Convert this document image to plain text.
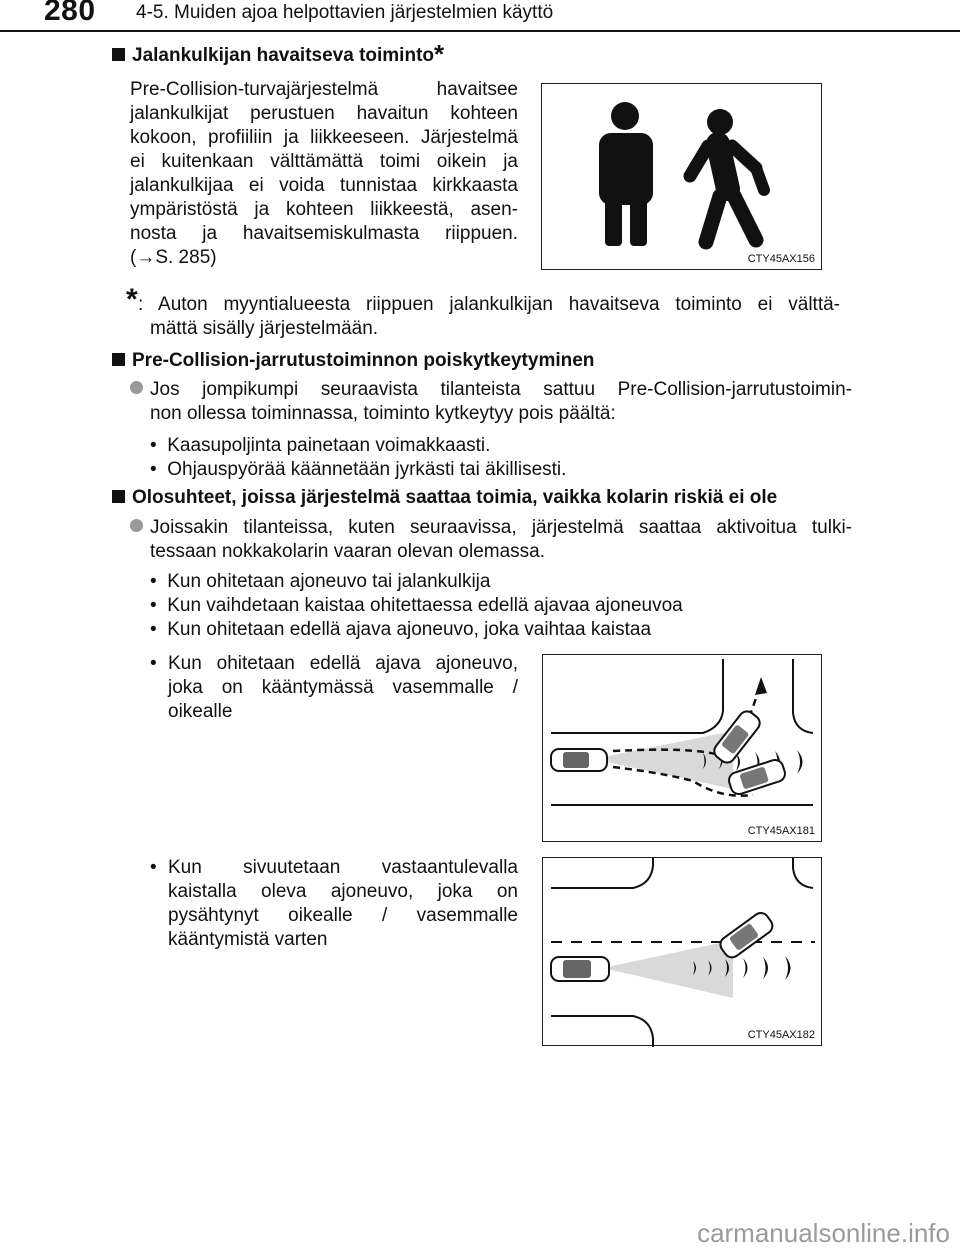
280 4-5. Muiden ajoa helpottavien järjestelmien käyttö
Jalankulkijan havaitseva toiminto*
Pre-Collision-turvajärjestelmä havaitsee
jalankulkijat perustuen havaitun kohteen
kokoon, profiiliin ja liikkeeseen. Järjestelmä
ei kuitenkaan välttämättä toimi oikein ja
jalankulkijaa ei voida tunnistaa kirkkaasta
ympäristöstä ja kohteen liikkeestä, asen-
nosta ja havaitsemiskulmasta riippuen.
(→S. 285)	CTY45AX156
* : Auton myyntialueesta riippuen jalankulkijan havaitseva toiminto ei välttä-
mättä sisälly järjestelmään.
Pre-Collision-jarrutustoiminnon poiskytkeytyminen
Jos jompikumpi seuraavista tilanteista sattuu Pre-Collision-jarrutustoimin-
non ollessa toiminnassa, toiminto kytkeytyy pois päältä:
• Kaasupoljinta painetaan voimakkaasti.
• Ohjauspyörää käännetään jyrkästi tai äkillisesti.
Olosuhteet, joissa järjestelmä saattaa toimia, vaikka kolarin riskiä ei ole
Joissakin tilanteissa, kuten seuraavissa, järjestelmä saattaa aktivoitua tulki-
tessaan nokkakolarin vaaran olevan olemassa.
• Kun ohitetaan ajoneuvo tai jalankulkija
• Kun vaihdetaan kaistaa ohitettaessa edellä ajavaa ajoneuvoa
• Kun ohitetaan edellä ajava ajoneuvo, joka vaihtaa kaistaa
• Kun ohitetaan edellä ajava ajoneuvo,
joka on kääntymässä vasemmalle /
oikealle
CTY45AX181
• Kun sivuutetaan vastaantulevalla
kaistalla oleva ajoneuvo, joka on
pysähtynyt oikealle / vasemmalle
kääntymistä varten
CTY45AX182
carmanualsonline.info
